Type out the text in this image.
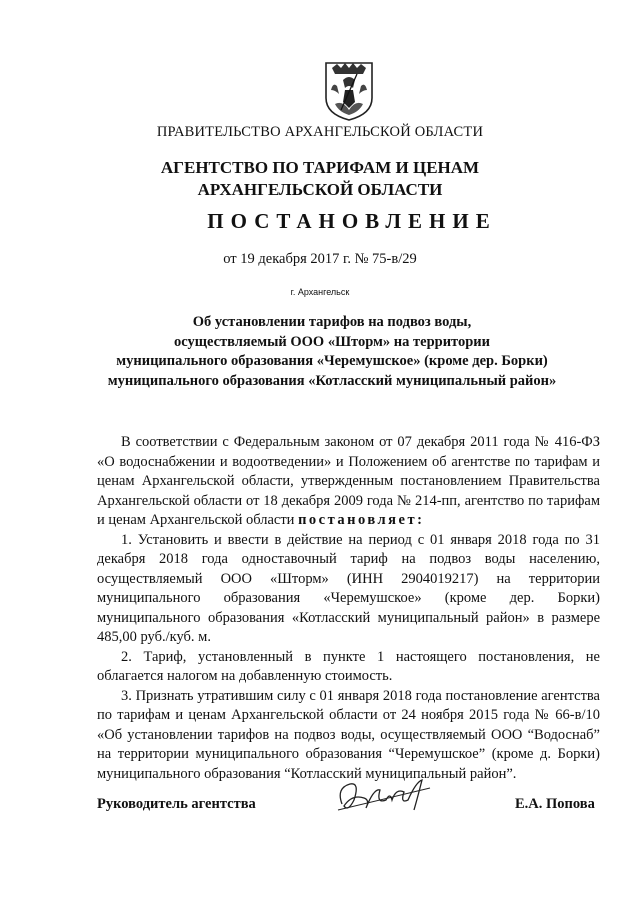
ПРАВИТЕЛЬСТВО АРХАНГЕЛЬСКОЙ ОБЛАСТИ
АГЕНТСТВО ПО ТАРИФАМ И ЦЕНАМ
АРХАНГЕЛЬСКОЙ ОБЛАСТИ
ПОСТАНОВЛЕНИЕ
от 19 декабря 2017 г. № 75-в/29
г. Архангельск
Об установлении тарифов на подвоз воды,
осуществляемый ООО «Шторм» на территории
муниципального образования «Черемушское» (кроме дер. Борки)
муниципального образования «Котласский муниципальный район»

В соответствии с Федеральным законом от 07 декабря 2011 года № 416-ФЗ «О водоснабжении и водоотведении» и Положением об агентстве по тарифам и ценам Архангельской области, утвержденным постановлением Правительства Архангельской области от 18 декабря 2009 года № 214-пп, агентство по тарифам и ценам Архангельской области постановляет:

1. Установить и ввести в действие на период с 01 января 2018 года по 31 декабря 2018 года одноставочный тариф на подвоз воды населению, осуществляемый ООО «Шторм» (ИНН 2904019217) на территории муниципального образования «Черемушское» (кроме дер. Борки) муниципального образования «Котласский муниципальный район» в размере 485,00 руб./куб. м.

2. Тариф, установленный в пункте 1 настоящего постановления, не облагается налогом на добавленную стоимость.

3. Признать утратившим силу с 01 января 2018 года постановление агентства по тарифам и ценам Архангельской области от 24 ноября 2015 года № 66-в/10 «Об установлении тарифов на подвоз воды, осуществляемый ООО “Водоснаб” на территории муниципального образования “Черемушское” (кроме д. Борки) муниципального образования “Котласский муниципальный район”.

Руководитель агентства	Е.А. Попова
